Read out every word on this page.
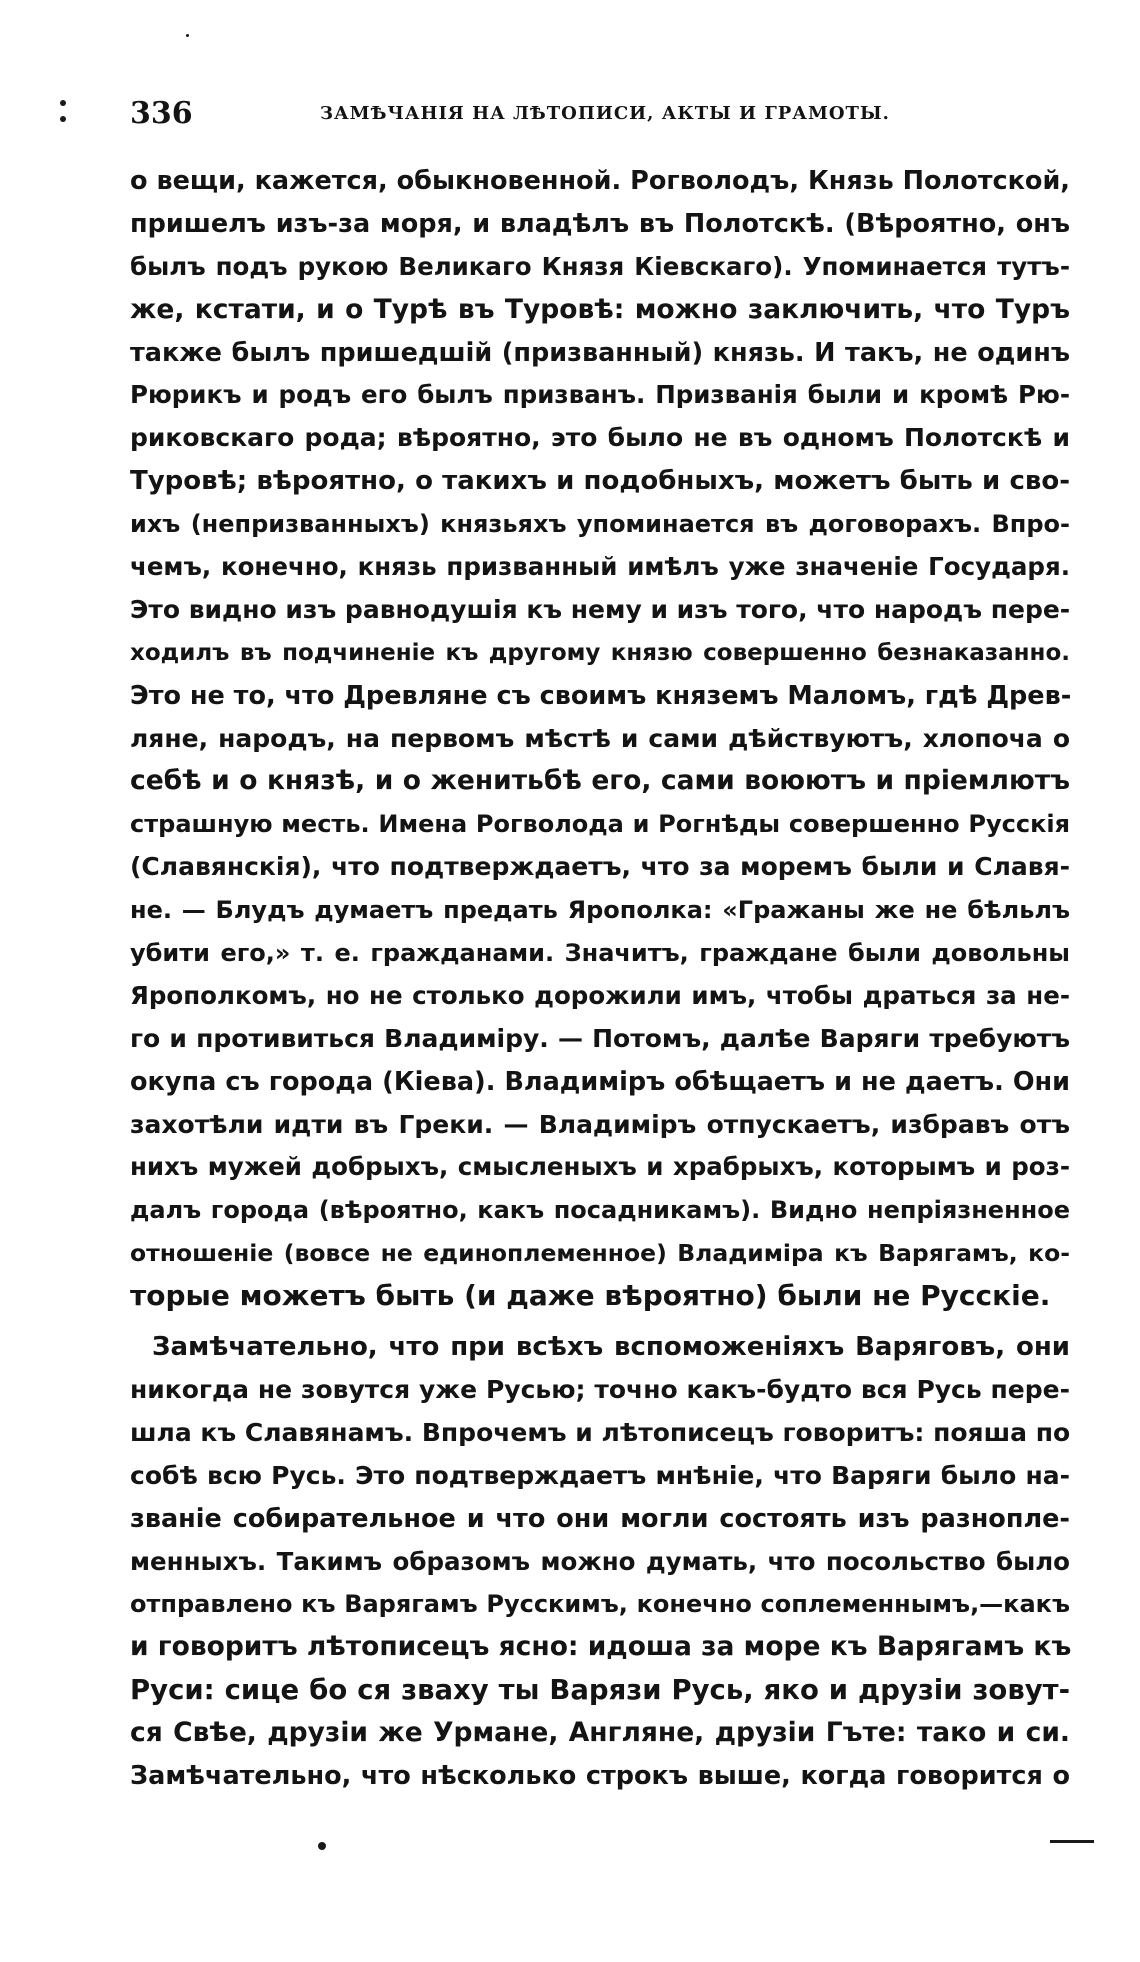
336	ЗАМѢЧАНІЯ НА ЛѢТОПИСИ, АКТЫ И ГРАМОТЫ.
о вещи, кажется, обыкновенной. Рогволодъ, Князь Полотской,
пришелъ изъ-за моря, и владѣлъ въ Полотскѣ. (Вѣроятно, онъ
былъ подъ рукою Великаго Князя Кіевскаго). Упоминается тутъ-
же, кстати, и о Турѣ въ Туровѣ: можно заключить, что Туръ
также былъ пришедшій (призванный) князь. И такъ, не одинъ
Рюрикъ и родъ его былъ призванъ. Призванія были и кромѣ Рю-
риковскаго рода; вѣроятно, это было не въ одномъ Полотскѣ и
Туровѣ; вѣроятно, о такихъ и подобныхъ, можетъ быть и сво-
ихъ (непризванныхъ) князьяхъ упоминается въ договорахъ. Впро-
чемъ, конечно, князь призванный имѣлъ уже значеніе Государя.
Это видно изъ равнодушія къ нему и изъ того, что народъ пере-
ходилъ въ подчиненіе къ другому князю совершенно безнаказанно.
Это не то, что Древляне съ своимъ княземъ Маломъ, гдѣ Древ-
ляне, народъ, на первомъ мѣстѣ и сами дѣйствуютъ, хлопоча о
себѣ и о князѣ, и о женитьбѣ его, сами воюютъ и пріемлютъ
страшную месть. Имена Рогволода и Рогнѣды совершенно Русскія
(Славянскія), что подтверждаетъ, что за моремъ были и Славя-
не. — Блудъ думаетъ предать Ярополка: «Гражаны же не бѣльлъ
убити его,» т. е. гражданами. Значитъ, граждане были довольны
Ярополкомъ, но не столько дорожили имъ, чтобы драться за не-
го и противиться Владиміру. — Потомъ, далѣе Варяги требуютъ
окупа съ города (Кіева). Владиміръ обѣщаетъ и не даетъ. Они
захотѣли идти въ Греки. — Владиміръ отпускаетъ, избравъ отъ
нихъ мужей добрыхъ, смысленыхъ и храбрыхъ, которымъ и роз-
далъ города (вѣроятно, какъ посадникамъ). Видно непріязненное
отношеніе (вовсе не единоплеменное) Владиміра къ Варягамъ, ко-
торые можетъ быть (и даже вѣроятно) были не Русскіе.
Замѣчательно, что при всѣхъ вспоможеніяхъ Варяговъ, они
никогда не зовутся уже Русью; точно какъ-будто вся Русь пере-
шла къ Славянамъ. Впрочемъ и лѣтописецъ говоритъ: пояша по
собѣ всю Русь. Это подтверждаетъ мнѣніе, что Варяги было на-
званіе собирательное и что они могли состоять изъ разнопле-
менныхъ. Такимъ образомъ можно думать, что посольство было
отправлено къ Варягамъ Русскимъ, конечно соплеменнымъ,—какъ
и говоритъ лѣтописецъ ясно: идоша за море къ Варягамъ къ
Руси: сице бо ся зваху ты Варязи Русь, яко и друзіи зовут-
ся Свѣе, друзіи же Урмане, Англяне, друзіи Гъте: тако и си.
Замѣчательно, что нѣсколько строкъ выше, когда говорится о
